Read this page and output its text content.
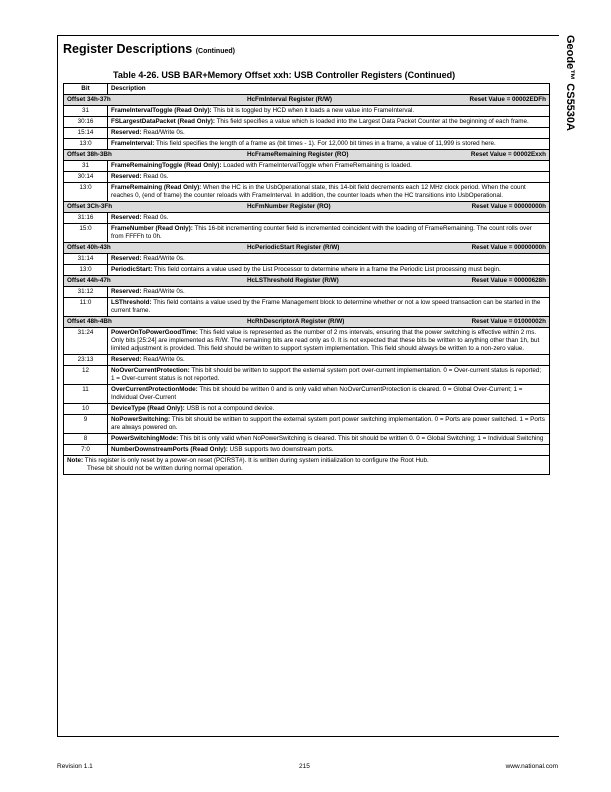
Geode™ CS5530A
Register Descriptions (Continued)
Table 4-26. USB BAR+Memory Offset xxh: USB Controller Registers (Continued)
Bit	Description

Offset 34h-37h HcFmInterval Register (R/W) Reset Value = 00002EDFh	

31	FrameIntervalToggle (Read Only): This bit is toggled by HCD when it loads a new value into FrameInterval.
30:16	FSLargestDataPacket (Read Only): This field specifies a value which is loaded into the Largest Data Packet Counter at the beginning of each frame.
15:14	Reserved: Read/Write 0s.
13:0	FrameInterval: This field specifies the length of a frame as (bit times - 1). For 12,000 bit times in a frame, a value of 11,999 is stored here.

Offset 38h-3Bh HcFrameRemaining Register (RO) Reset Value = 00002Exxh	

31	FrameRemainingToggle (Read Only): Loaded with FrameIntervalToggle when FrameRemaining is loaded.
30:14	Reserved: Read 0s.
13:0	FrameRemaining (Read Only): When the HC is in the UsbOperational state, this 14-bit field decrements each 12 MHz clock period. When the count reaches 0, (end of frame) the counter reloads with FrameInterval. In addition, the counter loads when the HC transitions into UsbOperational.

Offset 3Ch-3Fh HcFmNumber Register (RO) Reset Value = 00000000h	

31:16	Reserved: Read 0s.
15:0	FrameNumber (Read Only): This 16-bit incrementing counter field is incremented coincident with the loading of FrameRemaining. The count rolls over from FFFFh to 0h.

Offset 40h-43h HcPeriodicStart Register (R/W) Reset Value = 00000000h	

31:14	Reserved: Read/Write 0s.
13:0	PeriodicStart: This field contains a value used by the List Processor to determine where in a frame the Periodic List processing must begin.

Offset 44h-47h HcLSThreshold Register (R/W) Reset Value = 00000628h	

31:12	Reserved: Read/Write 0s.
11:0	LSThreshold: This field contains a value used by the Frame Management block to determine whether or not a low speed transaction can be started in the current frame.

Offset 48h-4Bh HcRhDescriptorA Register (R/W) Reset Value = 01000002h	

31:24	PowerOnToPowerGoodTime: This field value is represented as the number of 2 ms intervals, ensuring that the power switching is effective within 2 ms. Only bits [25:24] are implemented as R/W. The remaining bits are read only as 0. It is not expected that these bits be written to anything other than 1h, but limited adjustment is provided. This field should be written to support system implementation. This field should always be written to a non-zero value.
23:13	Reserved: Read/Write 0s.
12	NoOverCurrentProtection: This bit should be written to support the external system port over-current implementation. 0 = Over-current status is reported; 1 = Over-current status is not reported.
11	OverCurrentProtectionMode: This bit should be written 0 and is only valid when NoOverCurrentProtection is cleared. 0 = Global Over-Current; 1 = Individual Over-Current
10	DeviceType (Read Only): USB is not a compound device.
9	NoPowerSwitching: This bit should be written to support the external system port power switching implementation. 0 = Ports are power switched. 1 = Ports are always powered on.
8	PowerSwitchingMode: This bit is only valid when NoPowerSwitching is cleared. This bit should be written 0. 0 = Global Switching; 1 = Individual Switching
7:0	NumberDownstreamPorts (Read Only): USB supports two downstream ports.
Note: This register is only reset by a power-on reset (PCIRST#). It is written during system initialization to configure the Root Hub.
These bit should not be written during normal operation.	
Revision 1.1	215	www.national.com
